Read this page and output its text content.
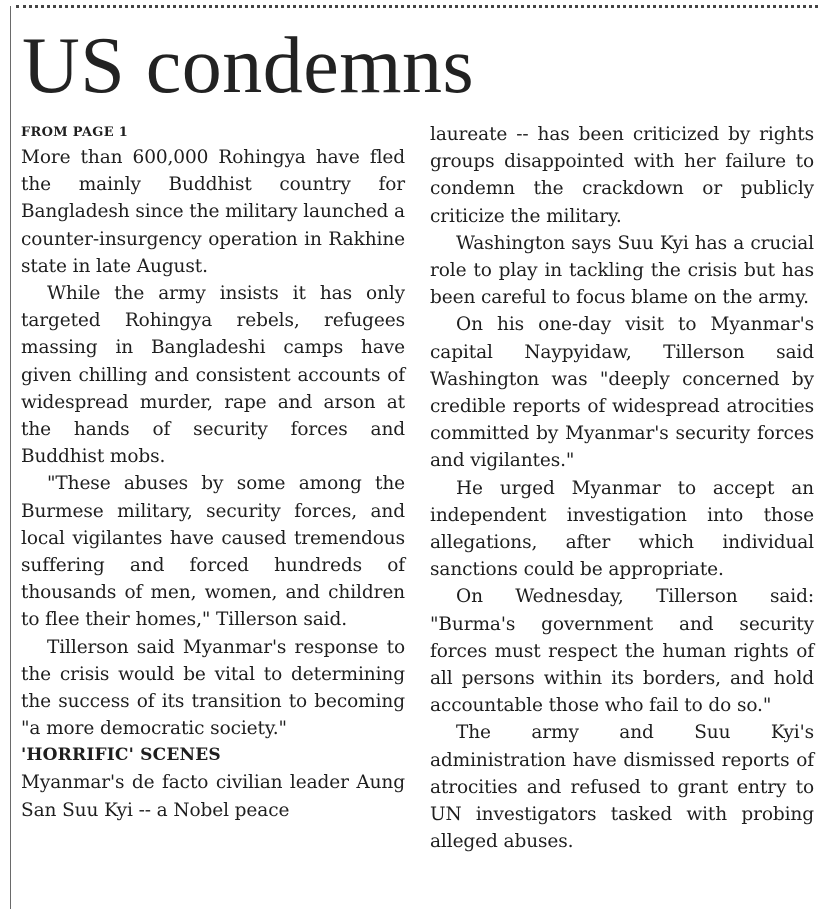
US condemns

FROM PAGE 1

More than 600,000 Rohingya have fled the mainly Buddhist country for Bangladesh since the military launched a counter-insurgency operation in Rakhine state in late August.

While the army insists it has only targeted Rohingya rebels, refugees massing in Bangladeshi camps have given chilling and consistent accounts of widespread murder, rape and arson at the hands of security forces and Buddhist mobs.

"These abuses by some among the Burmese military, security forces, and local vigilantes have caused tremendous suffering and forced hundreds of thousands of men, women, and children to flee their homes," Tillerson said.

Tillerson said Myanmar's response to the crisis would be vital to determining the success of its transition to becoming "a more democratic society."

'HORRIFIC' SCENES

Myanmar's de facto civilian leader Aung San Suu Kyi -- a Nobel peace

laureate -- has been criticized by rights groups disappointed with her failure to condemn the crackdown or publicly criticize the military.

Washington says Suu Kyi has a crucial role to play in tackling the crisis but has been careful to focus blame on the army.

On his one-day visit to Myanmar's capital Naypyidaw, Tillerson said Washington was "deeply concerned by credible reports of widespread atrocities committed by Myanmar's security forces and vigilantes."

He urged Myanmar to accept an independent investigation into those allegations, after which individual sanctions could be appropriate.

On Wednesday, Tillerson said: "Burma's government and security forces must respect the human rights of all persons within its borders, and hold accountable those who fail to do so."

The army and Suu Kyi's administration have dismissed reports of atrocities and refused to grant entry to UN investigators tasked with probing alleged abuses.
